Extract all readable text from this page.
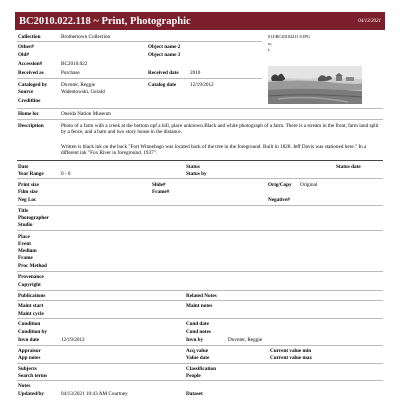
BC2010.022.118 ~ Print, Photographic	04/13/2021
012\BC20102211 8.JPG
w,
t,
Collection	Brothertown Collection
Other#	Object name 2
Old#	Object name 3
Accession#	BC2010.022
Received as	Purchase	Received date 2010
Cataloged by	Dovnter, Reggie	Catalog date	12/19/2012
Source	Walentowski, Gerald
Creditline
Home loc	Oneida Nation Museum
Description	Photo of a farm with a creek at the bottom opf a hill, place unknown.Black and white photograph of a farm. There is a stream in the front, farm land split by a fence, and a barn and two story house in the distance.
Written is black ink on the back "Fort Winnebago was located back of the tree in the foreground. Built in 1828. Jeff Davis was stationed here." In a different ink "Fox River in foreground. 1937".
Date	Status	Status date
Year Range	0 - 0	Status by
Print size	Slide#	Orig/Copy Original
Film size	Frame#
Neg Loc	Negative#
Title
Photographer
Studio
Place
Event
Medium
Frame
Proc Method
Provenance
Copyright
Publications	Related Notes
Maint start	Maint notes
Maint cycle
Condition	Cond date
Condition by	Cond notes
Invn date	12/19/2012	Invn by	Dovnter, Reggie
Appraisor	Acq value	Current value min
App notes	Value date	Current value max
Subjects	Classification
Search terms	People
Notes
Updated/by	04/13/2021 10:43 AM Courtney	Dataset
